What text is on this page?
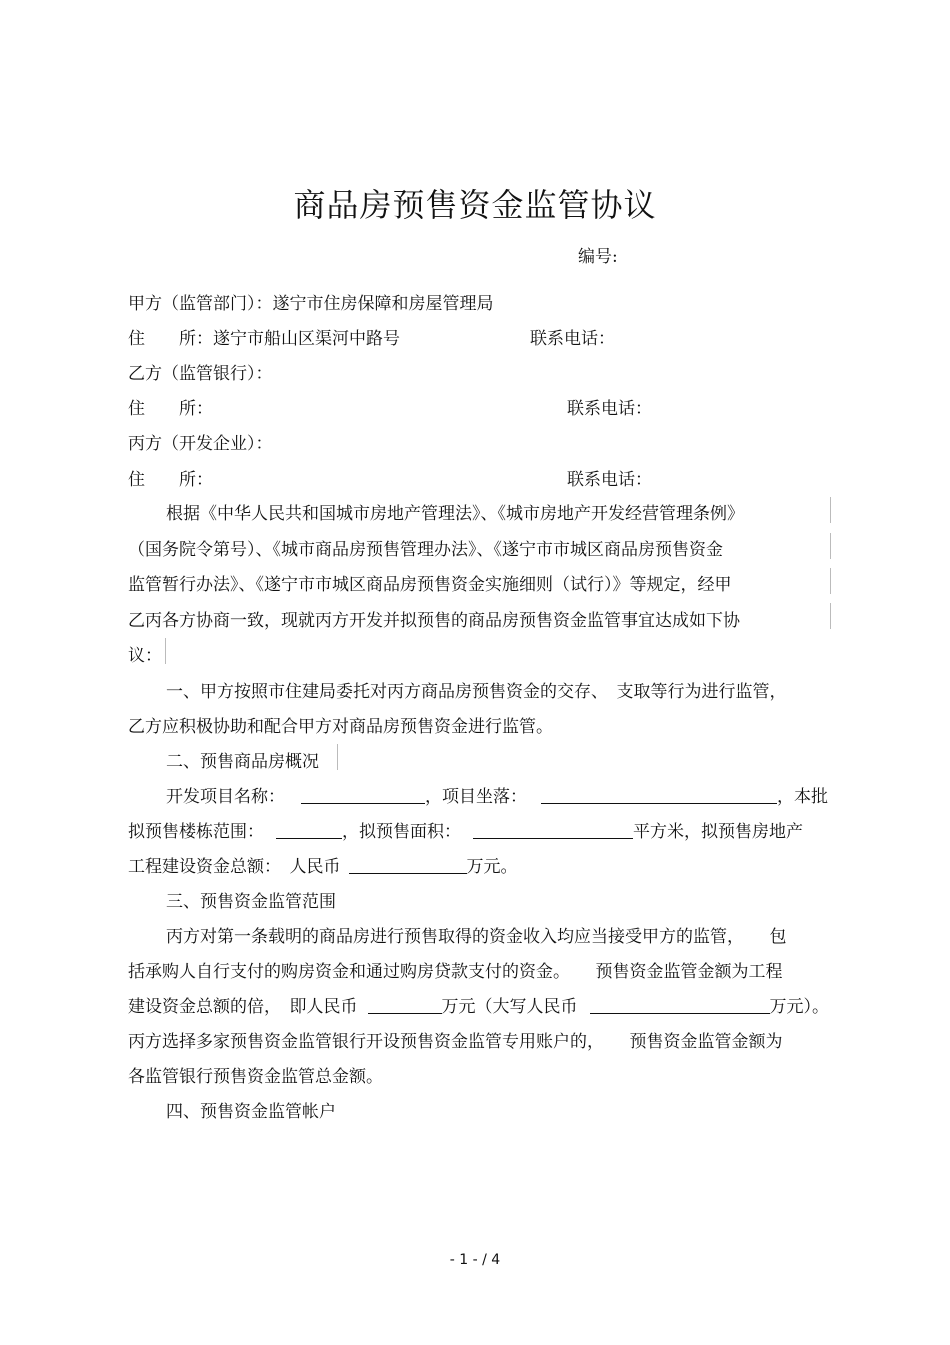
商品房预售资金监管协议
编号:
甲方（监管部门）：遂宁市住房保障和房屋管理局
住　　所：遂宁市船山区渠河中路号	联系电话：
乙方（监管银行）：
住　　所：	联系电话：
丙方（开发企业）：
住　　所：	联系电话：
根据《中华人民共和国城市房地产管理法》、《城市房地产开发经营管理条例》
（国务院令第号）、《城市商品房预售管理办法》、《遂宁市市城区商品房预售资金
监管暂行办法》、《遂宁市市城区商品房预售资金实施细则（试行）》等规定，经甲
乙丙各方协商一致，现就丙方开发并拟预售的商品房预售资金监管事宜达成如下协
议：
一、甲方按照市住建局委托对丙方商品房预售资金的交存、　支取等行为进行监管，
乙方应积极协助和配合甲方对商品房预售资金进行监管。
二、预售商品房概况
开发项目名称：	，项目坐落：	，本批
拟预售楼栋范围：	，拟预售面积：	平方米，拟预售房地产
工程建设资金总额：　人民币	万元。
三、预售资金监管范围
丙方对第一条载明的商品房进行预售取得的资金收入均应当接受甲方的监管，　　包
括承购人自行支付的购房资金和通过购房贷款支付的资金。　　预售资金监管金额为工程
建设资金总额的倍，　即人民币	万元（大写人民币	万元）。
丙方选择多家预售资金监管银行开设预售资金监管专用账户的，　　预售资金监管金额为
各监管银行预售资金监管总金额。
四、预售资金监管帐户
- 1 - / 4
